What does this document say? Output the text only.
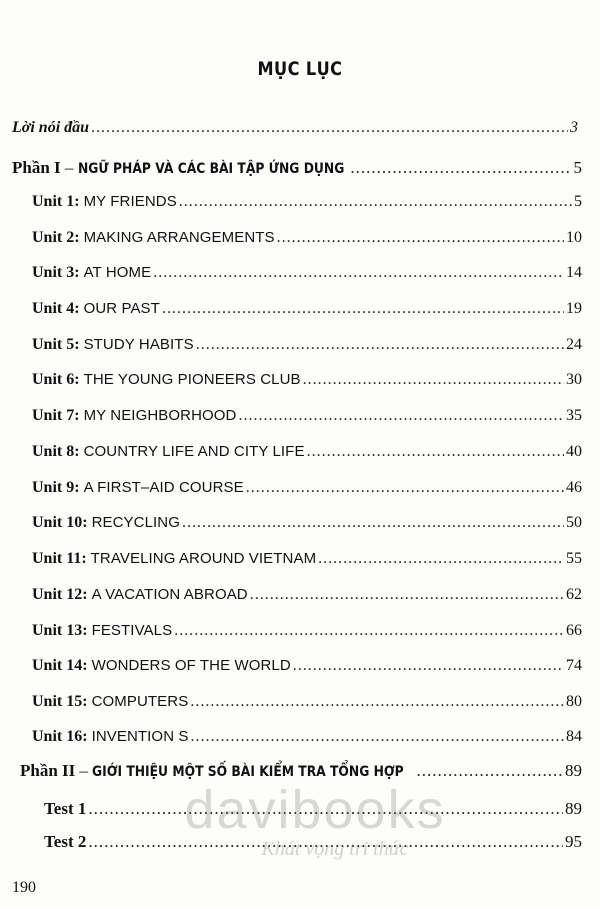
MỤC LỤC
Lời nói đầu .....	3
Phần I – NGỮ PHÁP VÀ CÁC BÀI TẬP ỨNG DỤNG .....	5
Unit 1: MY FRIENDS .....	5
Unit 2: MAKING ARRANGEMENTS .....	10
Unit 3: AT HOME .....	14
Unit 4: OUR PAST .....	19
Unit 5: STUDY HABITS .....	24
Unit 6: THE YOUNG PIONEERS CLUB .....	30
Unit 7: MY NEIGHBORHOOD .....	35
Unit 8: COUNTRY LIFE AND CITY LIFE .....	40
Unit 9: A FIRST–AID COURSE .....	46
Unit 10: RECYCLING .....	50
Unit 11: TRAVELING AROUND VIETNAM .....	55
Unit 12: A VACATION ABROAD .....	62
Unit 13: FESTIVALS .....	66
Unit 14: WONDERS OF THE WORLD .....	74
Unit 15: COMPUTERS .....	80
Unit 16: INVENTION S .....	84
Phần II – GIỚI THIỆU MỘT SỐ BÀI KIỂM TRA TỔNG HỢP .....	89
Test 1 .....	89
Test 2 .....	95
davibooks
Khát vọng tri thức
190
